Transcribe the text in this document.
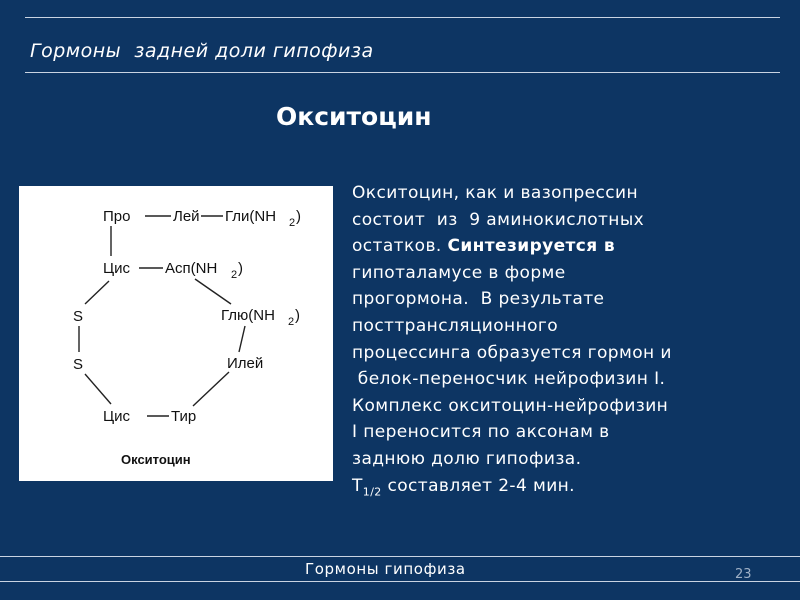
Гормоны  задней доли гипофиза
Окситоцин
Про	Лей Гли(NH 2 )
Цис Асп(NH 2 )
Глю(NH 2 )
Илей
S
S
Цис	Тир
Окситоцин
Окситоцин, как и вазопрессин
состоит  из  9 аминокислотных
остатков. Синтезируется в
гипоталамусе в форме
прогормона.  В результате
посттрансляционного
процессинга образуется гормон и
белок-переносчик нейрофизин I.
Комплекс окситоцин-нейрофизин
I переносится по аксонам в
заднюю долю гипофиза.
$T_{1/2}$ составляет 2-4 мин.
Гормоны гипофиза	23
